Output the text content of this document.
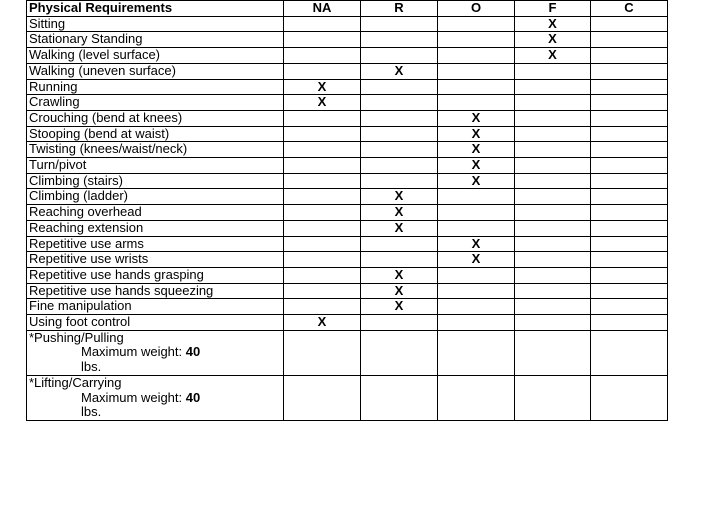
Physical Requirements	NA	R	O	F	C
Sitting				X	
Stationary Standing				X	
Walking (level surface)				X	
Walking (uneven surface)		X			
Running	X				
Crawling	X				
Crouching (bend at knees)			X		
Stooping (bend at waist)			X		
Twisting (knees/waist/neck)			X		
Turn/pivot			X		
Climbing (stairs)			X		
Climbing (ladder)		X			
Reaching overhead		X			
Reaching extension		X			
Repetitive use arms			X		
Repetitive use wrists			X		
Repetitive use hands grasping		X			
Repetitive use hands squeezing		X			
Fine manipulation		X			
Using foot control	X				

*Pushing/Pulling
Maximum weight: 40
lbs.					

*Lifting/Carrying
Maximum weight: 40
lbs.					
